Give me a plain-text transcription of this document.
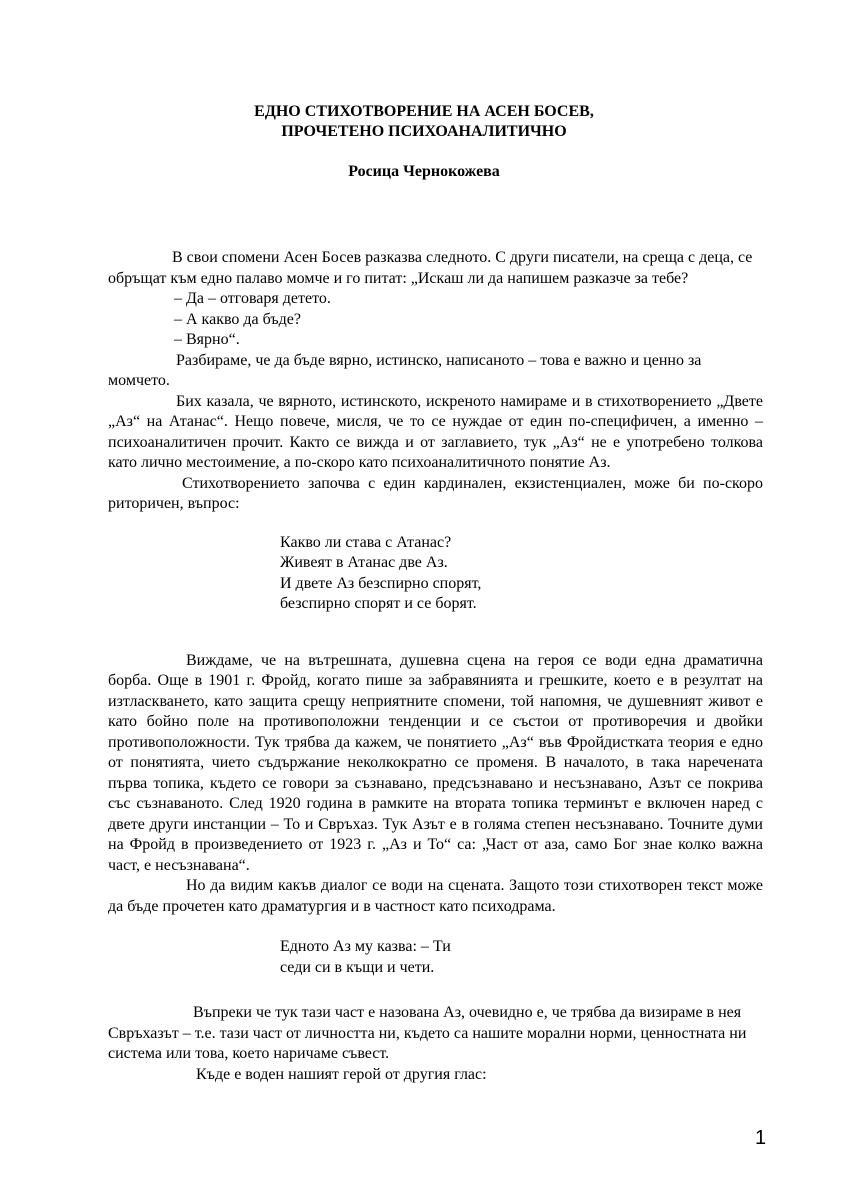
ЕДНО СТИХОТВОРЕНИЕ НА АСЕН БОСЕВ,
ПРОЧЕТЕНО ПСИХОАНАЛИТИЧНО
Росица Чернокожева

В свои спомени Асен Босев разказва следното. С други писатели, на среща с деца, се обръщат към едно палаво момче и го питат: „Искаш ли да напишем разказче за тебе?

– Да – отговаря детето.
– А какво да бъде?
– Вярно“.

Разбираме, че да бъде вярно, истинско, написаното – това е важно и ценно за момчето.

Бих казала, че вярното, истинското, искреното намираме и в стихотворението „Двете „Аз“ на Атанас“. Нещо повече, мисля, че то се нуждае от един по-специфичен, а именно – психоаналитичен прочит. Както се вижда и от заглавието, тук „Аз“ не е употребено толкова като лично местоимение, а по-скоро като психоаналитичното понятие Аз.

Стихотворението започва с един кардинален, екзистенциален, може би по-скоро риторичен, въпрос:

Какво ли става с Атанас?
Живеят в Атанас две Аз.
И двете Аз безспирно спорят,
безспирно спорят и се борят.

Виждаме, че на вътрешната, душевна сцена на героя се води една драматична борба. Още в 1901 г. Фройд, когато пише за забравянията и грешките, което е в резултат на изтласкването, като защита срещу неприятните спомени, той напомня, че душевният живот е като бойно поле на противоположни тенденции и се състои от противоречия и двойки противоположности. Тук трябва да кажем, че понятието „Аз“ във Фройдистката теория е едно от понятията, чието съдържание неколкократно се променя. В началото, в така наречената първа топика, където се говори за съзнавано, предсъзнавано и несъзнавано, Азът се покрива със съзнаваното. След 1920 година в рамките на втората топика терминът е включен наред с двете други инстанции – То и Свръхаз. Тук Азът е в голяма степен несъзнавано. Точните думи на Фройд в произведението от 1923 г. „Аз и То“ са: „Част от аза, само Бог знае колко важна част, е несъзнавана“.

Но да видим какъв диалог се води на сцената. Защото този стихотворен текст може да бъде прочетен като драматургия и в частност като психодрама.

Едното Аз му казва: – Ти
седи си в къщи и чети.

Въпреки че тук тази част е назована Аз, очевидно е, че трябва да визираме в нея Свръхазът – т.е. тази част от личността ни, където са нашите морални норми, ценностната ни система или това, което наричаме съвест.

Къде е воден нашият герой от другия глас:

1
